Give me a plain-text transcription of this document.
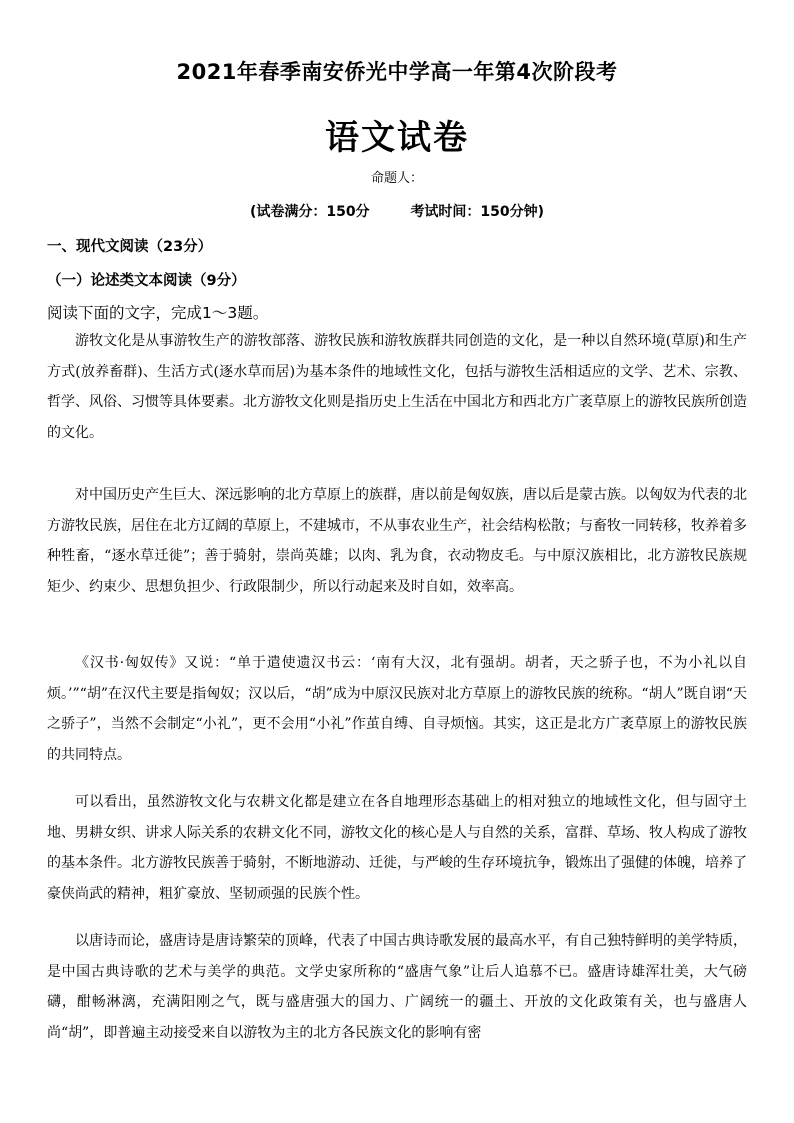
2021年春季南安侨光中学高一年第4次阶段考
语文试卷
命题人：
(试卷满分：150分	考试时间：150分钟)
一、现代文阅读（23分）
（一）论述类文本阅读（9分）
阅读下面的文字，完成1～3题。

游牧文化是从事游牧生产的游牧部落、游牧民族和游牧族群共同创造的文化，是一种以自然环境(草原)和生产方式(放养畜群)、生活方式(逐水草而居)为基本条件的地域性文化，包括与游牧生活相适应的文学、艺术、宗教、哲学、风俗、习惯等具体要素。北方游牧文化则是指历史上生活在中国北方和西北方广袤草原上的游牧民族所创造的文化。

对中国历史产生巨大、深远影响的北方草原上的族群，唐以前是匈奴族，唐以后是蒙古族。以匈奴为代表的北方游牧民族，居住在北方辽阔的草原上，不建城市，不从事农业生产，社会结构松散；与畜牧一同转移，牧养着多种牲畜，“逐水草迁徙”；善于骑射，崇尚英雄；以肉、乳为食，衣动物皮毛。与中原汉族相比，北方游牧民族规矩少、约束少、思想负担少、行政限制少，所以行动起来及时自如，效率高。

《汉书·匈奴传》又说：“单于遣使遗汉书云：‘南有大汉，北有强胡。胡者，天之骄子也，不为小礼以自烦。’”“胡”在汉代主要是指匈奴；汉以后，“胡”成为中原汉民族对北方草原上的游牧民族的统称。“胡人”既自诩“天之骄子”，当然不会制定“小礼”，更不会用“小礼”作茧自缚、自寻烦恼。其实，这正是北方广袤草原上的游牧民族的共同特点。

可以看出，虽然游牧文化与农耕文化都是建立在各自地理形态基础上的相对独立的地域性文化，但与固守土地、男耕女织、讲求人际关系的农耕文化不同，游牧文化的核心是人与自然的关系，富群、草场、牧人构成了游牧的基本条件。北方游牧民族善于骑射，不断地游动、迁徙，与严峻的生存环境抗争，锻炼出了强健的体魄，培养了豪侠尚武的精神，粗犷豪放、坚韧顽强的民族个性。

以唐诗而论，盛唐诗是唐诗繁荣的顶峰，代表了中国古典诗歌发展的最高水平，有自己独特鲜明的美学特质，是中国古典诗歌的艺术与美学的典范。文学史家所称的“盛唐气象”让后人追慕不已。盛唐诗雄浑壮美，大气磅礴，酣畅淋漓，充满阳刚之气，既与盛唐强大的国力、广阔统一的疆土、开放的文化政策有关，也与盛唐人尚“胡”，即普遍主动接受来自以游牧为主的北方各民族文化的影响有密
